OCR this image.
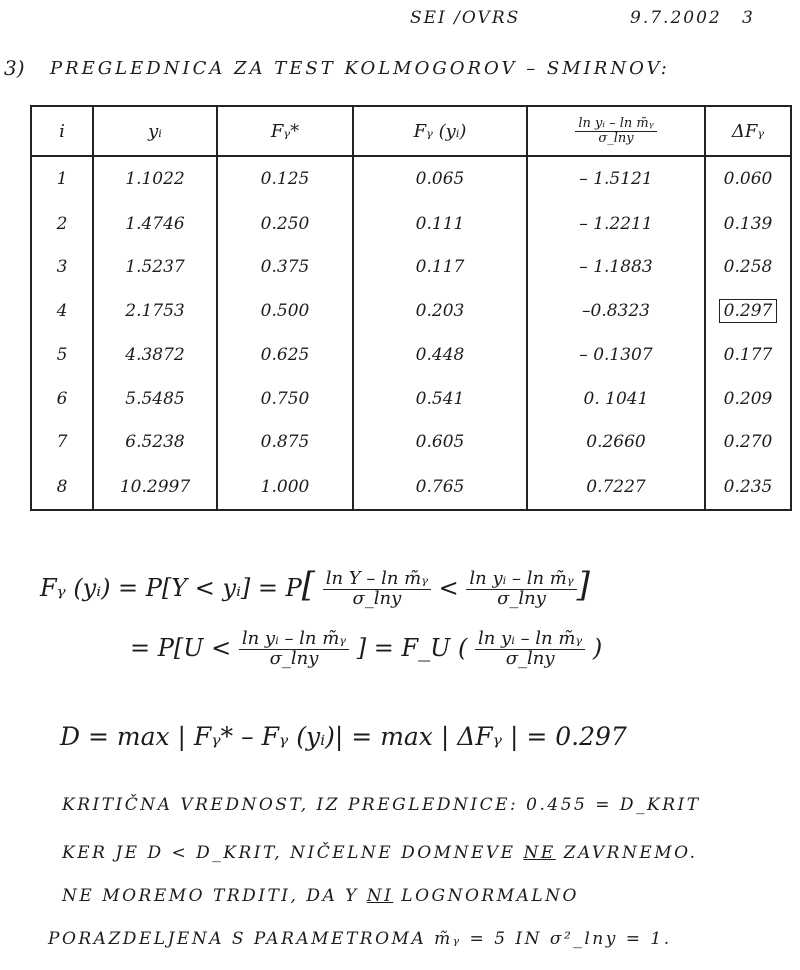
SEI /OVRS	9.7.2002 3
3) PREGLEDNICA ZA TEST KOLMOGOROV – SMIRNOV:
i	yᵢ	Fᵧ*	Fᵧ (yᵢ)	$\frac{\text{ln yᵢ – ln m̃ᵧ}}{\sigma\_\ln y}$	ΔFᵧ
1	1.1022	0.125	0.065	– 1.5121	0.060
2	1.4746	0.250	0.111	– 1.2211	0.139
3	1.5237	0.375	0.117	– 1.1883	0.258
4	2.1753	0.500	0.203	–0.8323	0.297
5	4.3872	0.625	0.448	– 0.1307	0.177
6	5.5485	0.750	0.541	0. 1041	0.209
7	6.5238	0.875	0.605	0.2660	0.270
8	10.2997	1.000	0.765	0.7227	0.235
Fᵧ (yᵢ) = P[Y < yᵢ] = $P[ \frac{\text{ln Y – ln m̃ᵧ}}{\sigma\_\ln y} < \frac{\text{ln yᵢ – ln m̃ᵧ}}{\sigma\_\ln y}$ ]
= $P[U < \frac{\text{ln yᵢ – ln m̃ᵧ}}{\sigma\_\ln y}$ ] = F_U ( $\frac{\text{ln yᵢ – ln m̃ᵧ}}{\sigma\_\ln y}$ )
D = max | Fᵧ* – Fᵧ (yᵢ)| = max | ΔFᵧ | = 0.297
KRITIČNA VREDNOST, IZ PREGLEDNICE: 0.455 = D_KRIT
KER JE D < D_KRIT, NIČELNE DOMNEVE NE ZAVRNEMO.
NE MOREMO TRDITI, DA Y NI LOGNORMALNO
PORAZDELJENA S PARAMETROMA m̃ᵧ = 5 IN σ²_lny = 1.
